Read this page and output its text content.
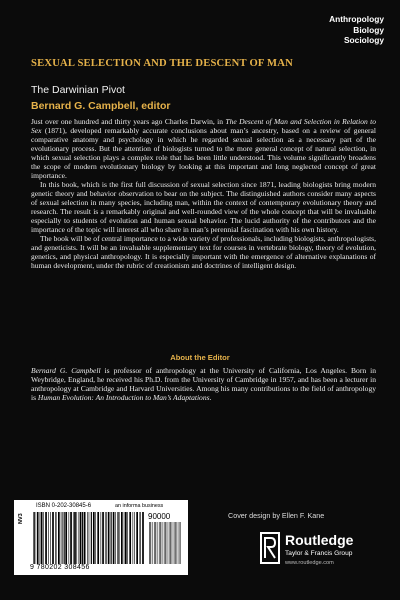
Anthropology
Biology
Sociology
SEXUAL SELECTION AND THE DESCENT OF MAN
The Darwinian Pivot
Bernard G. Campbell, editor

Just over one hundred and thirty years ago Charles Darwin, in The Descent of Man and Selection in Relation to Sex (1871), developed remarkably accurate conclusions about man’s ancestry, based on a review of general comparative anatomy and psychology in which he regarded sexual selection as a necessary part of the evolutionary process. But the attention of biologists turned to the more general concept of natural selection, in which sexual selection plays a complex role that has been little understood. This volume significantly broadens the scope of modern evolutionary biology by looking at this important and long neglected concept of great importance.

In this book, which is the first full discussion of sexual selection since 1871, leading biologists bring modern genetic theory and behavior observation to bear on the subject. The distinguished authors consider many aspects of sexual selection in many species, including man, within the context of contemporary evolutionary theory and research. The result is a remarkably original and well-rounded view of the whole concept that will be invaluable especially to students of evolution and human sexual behavior. The lucid authority of the contributors and the importance of the topic will interest all who share in man’s perennial fascination with his own history.

The book will be of central importance to a wide variety of professionals, including biologists, anthropologists, and geneticists. It will be an invaluable supplementary text for courses in vertebrate biology, theory of evolution, genetics, and physical anthropology. It is especially important with the emergence of alternative explanations of human development, under the rubric of creationism and doctrines of intelligent design.

About the Editor

Bernard G. Campbell is professor of anthropology at the University of California, Los Angeles. Born in Weybridge, England, he received his Ph.D. from the University of Cambridge in 1957, and has been a lecturer in anthropology at Cambridge and Harvard Universities. Among his many contributions to the field of anthropology is Human Evolution: An Introduction to Man’s Adaptations.

ISBN 0-202-30845-6	an informa business
NV3	90000
9 780202 308456
Cover design by Ellen F. Kane
Routledge
Taylor & Francis Group
www.routledge.com
